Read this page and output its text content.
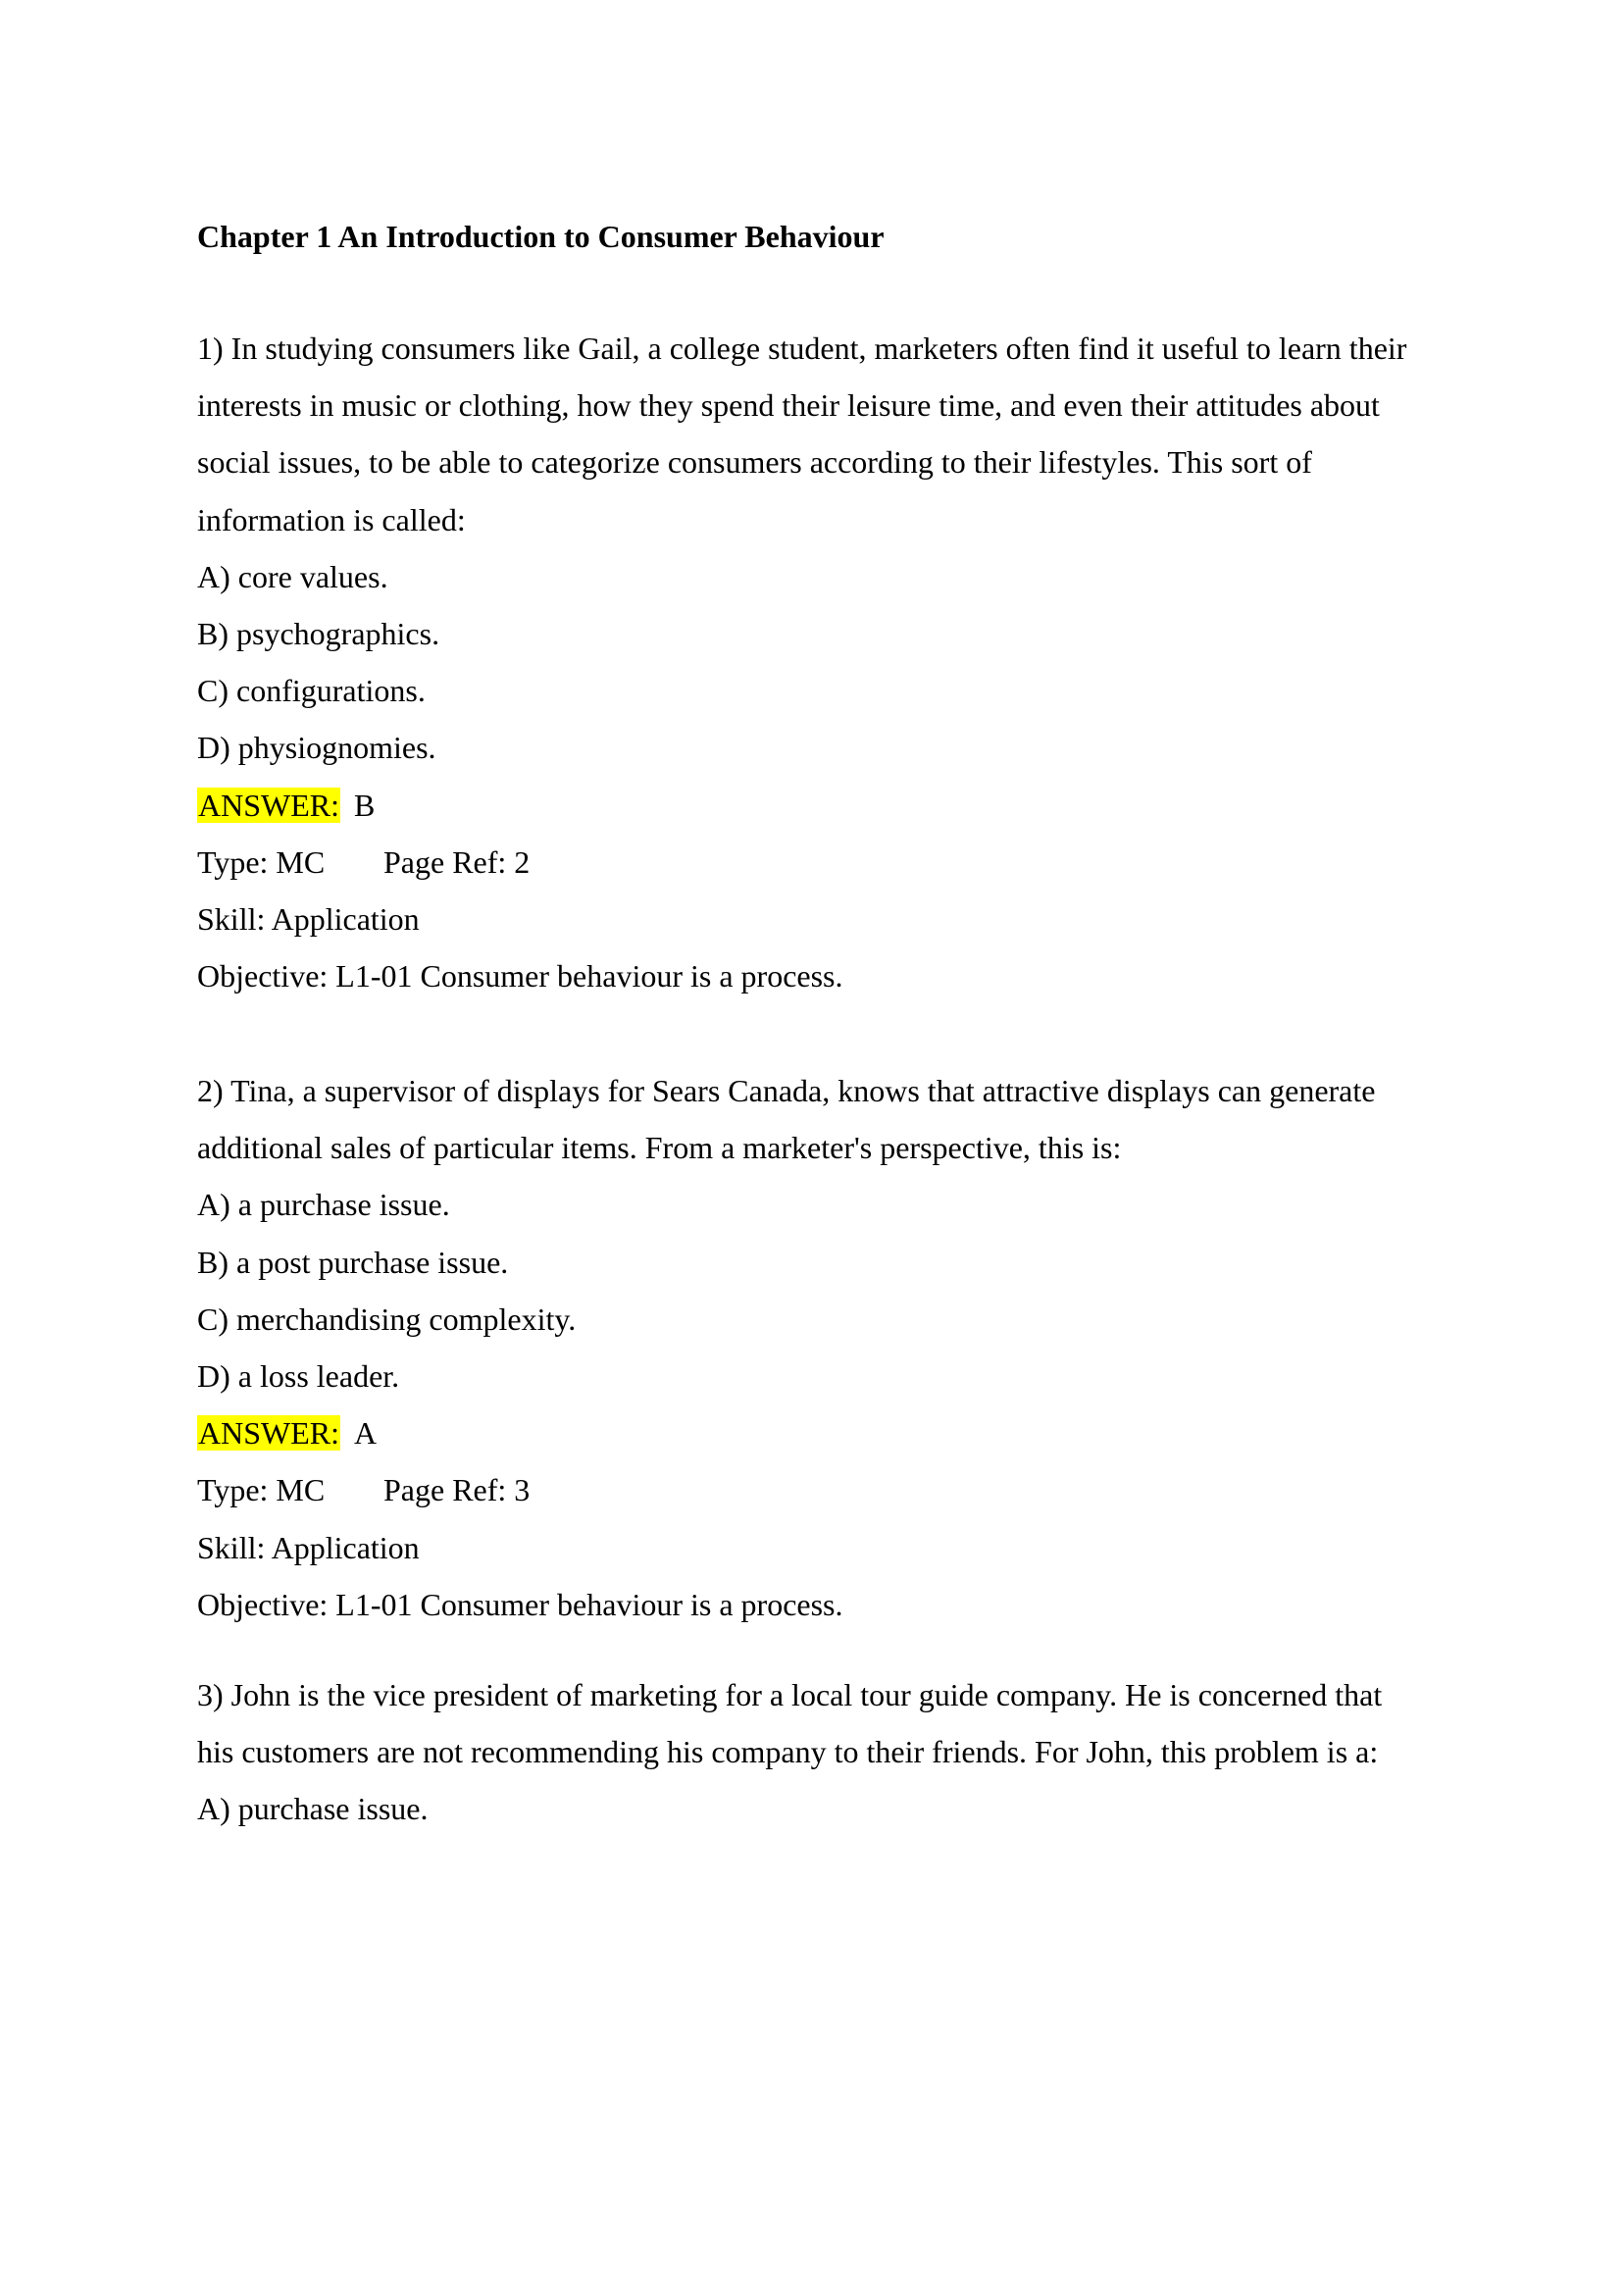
Chapter 1 An Introduction to Consumer Behaviour
1) In studying consumers like Gail, a college student, marketers often find it useful to learn their
interests in music or clothing, how they spend their leisure time, and even their attitudes about
social issues, to be able to categorize consumers according to their lifestyles. This sort of
information is called:
A) core values.
B) psychographics.
C) configurations.
D) physiognomies.
ANSWER: B
Type: MC Page Ref: 2
Skill: Application
Objective: L1-01 Consumer behaviour is a process.
2) Tina, a supervisor of displays for Sears Canada, knows that attractive displays can generate
additional sales of particular items. From a marketer's perspective, this is:
A) a purchase issue.
B) a post purchase issue.
C) merchandising complexity.
D) a loss leader.
ANSWER: A
Type: MC Page Ref: 3
Skill: Application
Objective: L1-01 Consumer behaviour is a process.
3) John is the vice president of marketing for a local tour guide company. He is concerned that
his customers are not recommending his company to their friends. For John, this problem is a:
A) purchase issue.
